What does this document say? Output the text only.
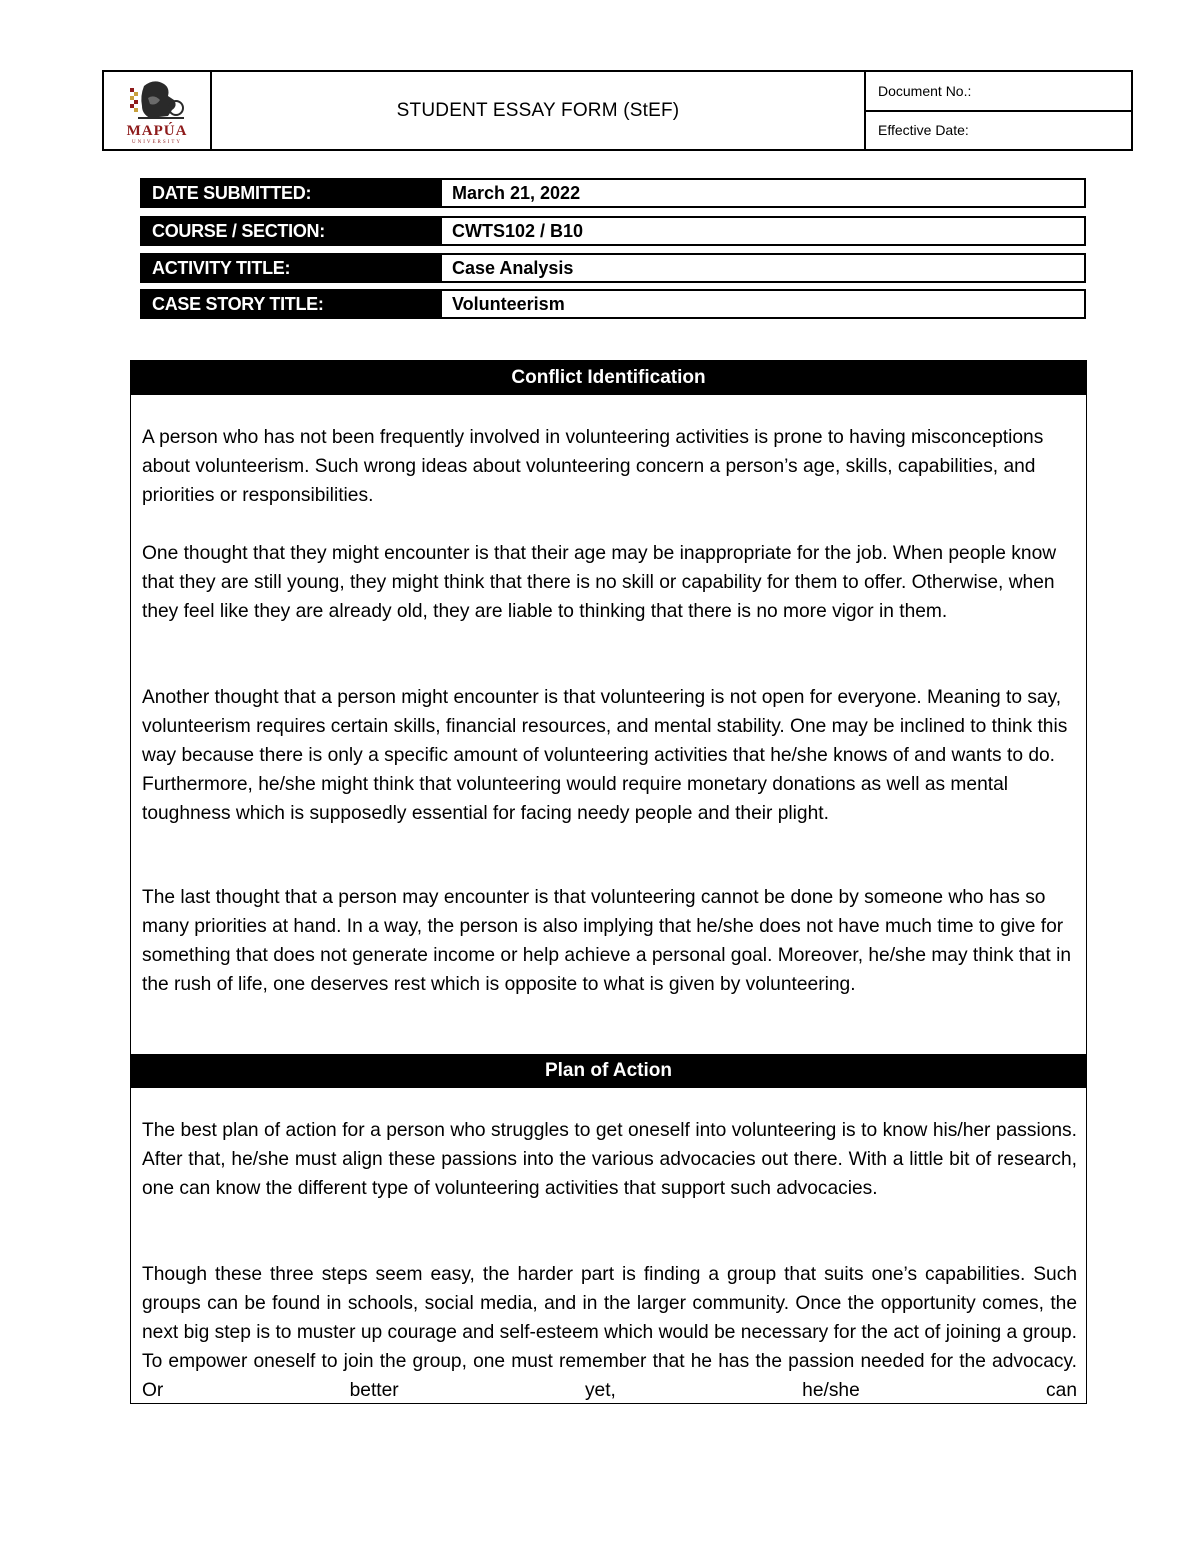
MAPÚA
UNIVERSITY
STUDENT ESSAY FORM (StEF)
Document No.:
Effective Date:
DATE SUBMITTED:	March 21, 2022
COURSE / SECTION:	CWTS102 / B10
ACTIVITY TITLE:	Case Analysis
CASE STORY TITLE:	Volunteerism
Conflict Identification

A person who has not been frequently involved in volunteering activities is prone to having misconceptions about volunteerism. Such wrong ideas about volunteering concern a person’s age, skills, capabilities, and priorities or responsibilities.

One thought that they might encounter is that their age may be inappropriate for the job. When people know that they are still young, they might think that there is no skill or capability for them to offer. Otherwise, when they feel like they are already old, they are liable to thinking that there is no more vigor in them.

Another thought that a person might encounter is that volunteering is not open for everyone. Meaning to say, volunteerism requires certain skills, financial resources, and mental stability. One may be inclined to think this way because there is only a specific amount of volunteering activities that he/she knows of and wants to do. Furthermore, he/she might think that volunteering would require monetary donations as well as mental toughness which is supposedly essential for facing needy people and their plight.

The last thought that a person may encounter is that volunteering cannot be done by someone who has so many priorities at hand. In a way, the person is also implying that he/she does not have much time to give for something that does not generate income or help achieve a personal goal. Moreover, he/she may think that in the rush of life, one deserves rest which is opposite to what is given by volunteering.

Plan of Action

The best plan of action for a person who struggles to get oneself into volunteering is to know his/her passions. After that, he/she must align these passions into the various advocacies out there. With a little bit of research, one can know the different type of volunteering activities that support such advocacies.

Though these three steps seem easy, the harder part is finding a group that suits one’s capabilities. Such groups can be found in schools, social media, and in the larger community. Once the opportunity comes, the next big step is to muster up courage and self-esteem which would be necessary for the act of joining a group. To empower oneself to join the group, one must remember that he has the passion needed for the advocacy. Or better yet, he/she can
